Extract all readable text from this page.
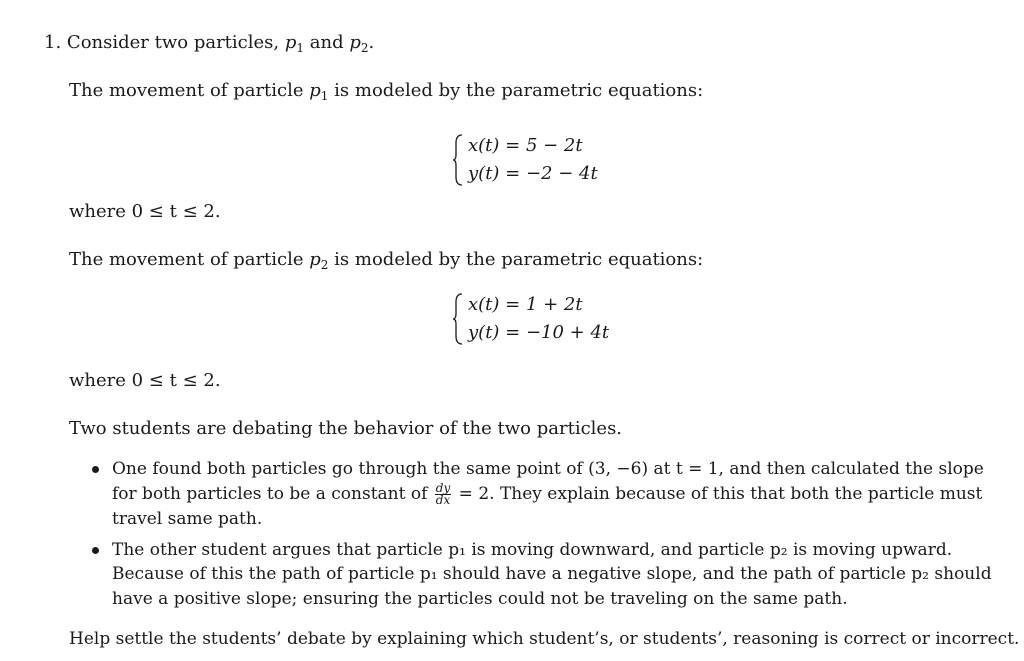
1. Consider two particles, $p_1$ and $p_2$.
The movement of particle $p_1$ is modeled by the parametric equations:
x(t) = 5 − 2t
y(t) = −2 − 4t
where 0 ≤ t ≤ 2.
The movement of particle $p_2$ is modeled by the parametric equations:
x(t) = 1 + 2t
y(t) = −10 + 4t
where 0 ≤ t ≤ 2.
Two students are debating the behavior of the two particles.
One found both particles go through the same point of (3, −6) at t = 1, and then calculated the slope
for both particles to be a constant of $\frac{dy}{dx} = 2$. They explain because of this that both the particle must
travel same path.
The other student argues that particle p₁ is moving downward, and particle p₂ is moving upward.
Because of this the path of particle p₁ should have a negative slope, and the path of particle p₂ should
have a positive slope; ensuring the particles could not be traveling on the same path.
Help settle the students’ debate by explaining which student’s, or students’, reasoning is correct or incorrect.
